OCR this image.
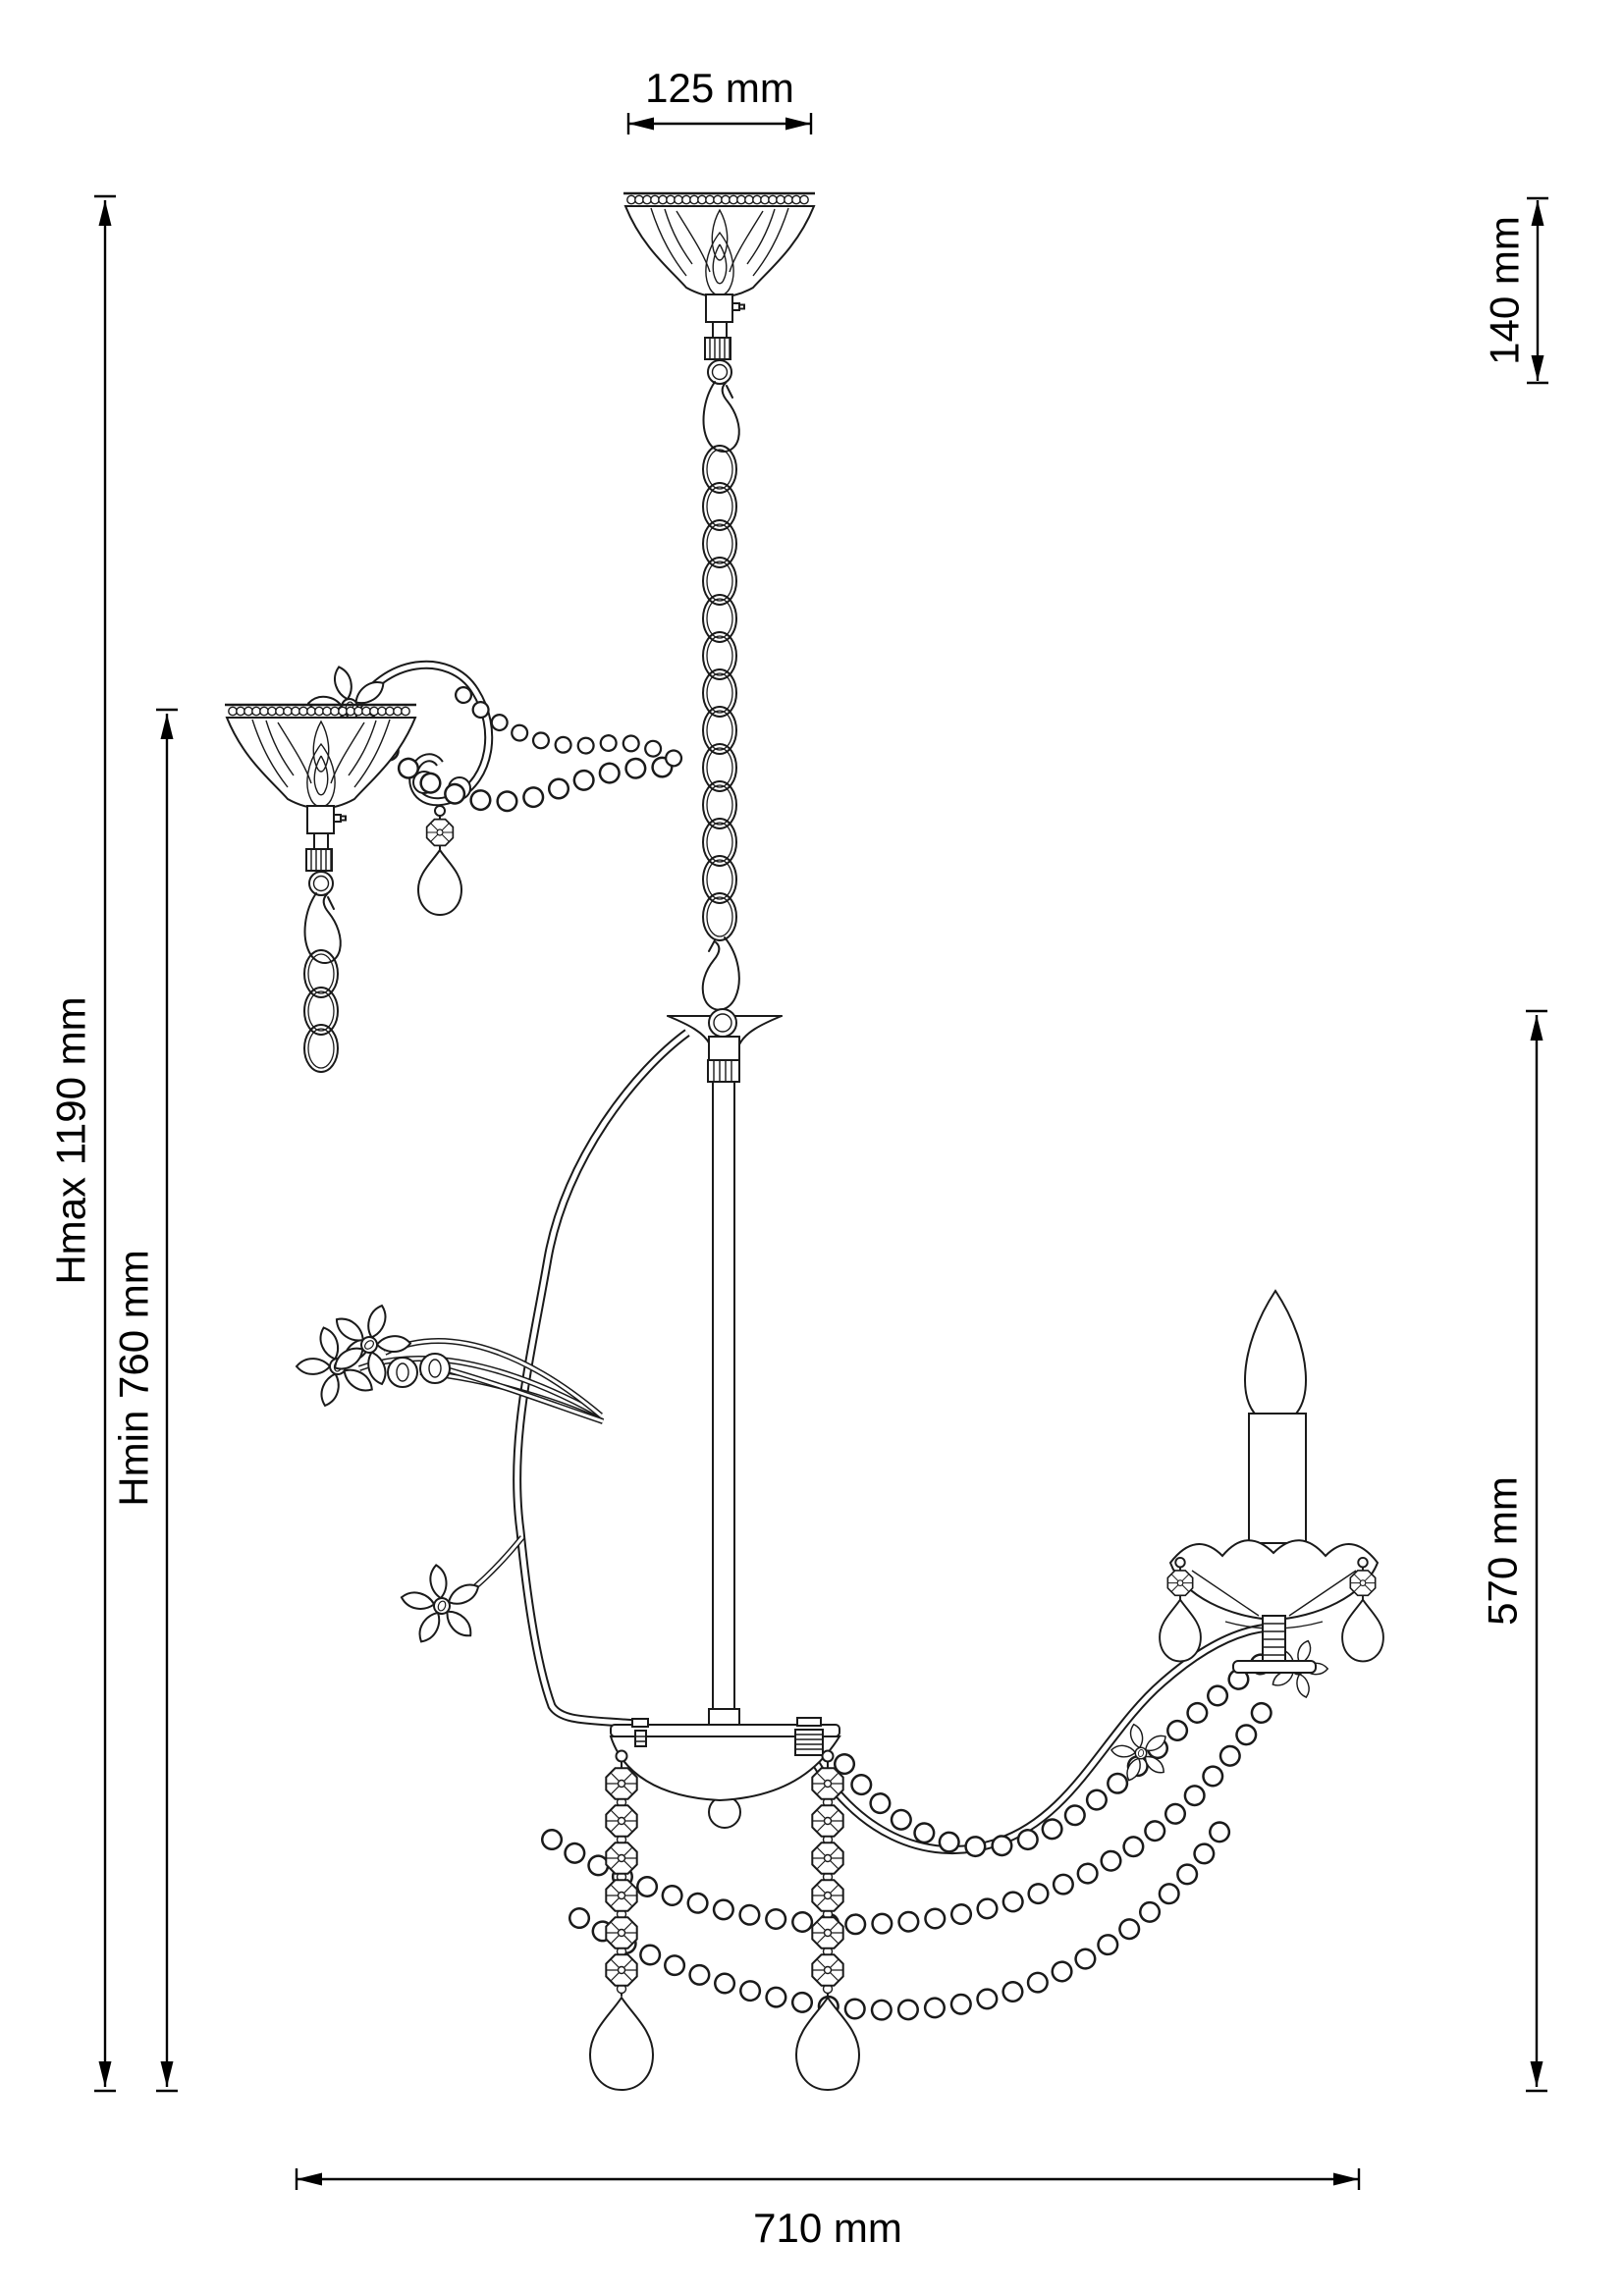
125 mm
140 mm
Hmax 1190 mm
Hmin 760 mm
570 mm
710 mm
